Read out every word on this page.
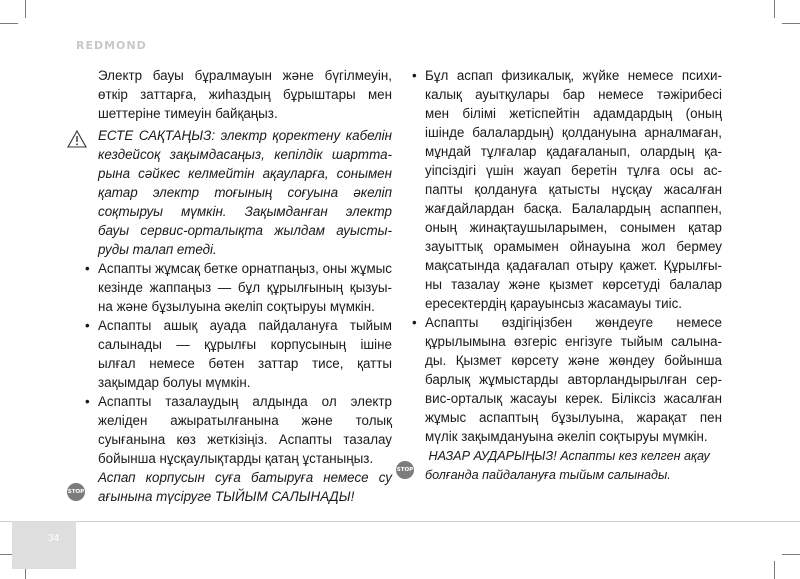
REDMOND
STOP
STOP

Электр бауы бұралмауын және бүгілмеуін,

өткір заттарға, жиһаздың бұрыштары мен

шеттеріне тимеуін байқаңыз.

ЕСТЕ САҚТАҢЫЗ: электр қоректену кабелін

кездейсоқ зақымдасаңыз, кепілдік шартта-

рына сәйкес келмейтін ақауларға, сонымен

қатар электр тоғының соғуына әкеліп

соқтыруы мүмкін. Зақымданған электр

бауы сервис-орталықта жылдам ауысты-

руды талап етеді.

• Аспапты жұмсақ бетке орнатпаңыз, оны жұмыс

кезінде жаппаңыз — бұл құрылғының қызуы-

на және бұзылуына әкеліп соқтыруы мүмкін.

• Аспапты ашық ауада пайдалануға тыйым

салынады — құрылғы корпусының ішіне

ылғал немесе бөтен заттар тисе, қатты

зақымдар болуы мүмкін.

• Аспапты тазалаудың алдында ол электр

желіден ажыратылғанына және толық

суығанына көз жеткізіңіз. Аспапты тазалау

бойынша нұсқаулықтарды қатаң ұстаныңыз.

Аспап корпусын суға батыруға немесе су

ағынына түсіруге ТЫЙЫМ САЛЫНАДЫ!

• Бұл аспап физикалық, жүйке немесе психи-

калық ауытқулары бар немесе тәжірибесі

мен білімі жетіспейтін адамдардың (оның

ішінде балалардың) қолдануына арналмаған,

мұндай тұлғалар қадағаланып, олардың қа-

уіпсіздігі үшін жауап беретін тұлға осы ас-

папты қолдануға қатысты нұсқау жасалған

жағдайлардан басқа. Балалардың аспаппен,

оның жинақтаушыларымен, сонымен қатар

зауыттық орамымен ойнауына жол бермеу

мақсатында қадағалап отыру қажет. Құрылғы-

ны тазалау және қызмет көрсетуді балалар

ересектердің қарауынсыз жасамауы тиіс.

• Аспапты өздігіңізбен жөндеуге немесе

құрылымына өзгеріс енгізуге тыйым салына-

ды. Қызмет көрсету және жөндеу бойынша

барлық жұмыстарды авторландырылған сер-

вис-орталық жасауы керек. Біліксіз жасалған

жұмыс аспаптың бұзылуына, жарақат пен

мүлік зақымдануына әкеліп соқтыруы мүмкін.

НАЗАР АУДАРЫҢЫЗ! Аспапты кез келген ақау

болғанда пайдалануға тыйым салынады.

34
